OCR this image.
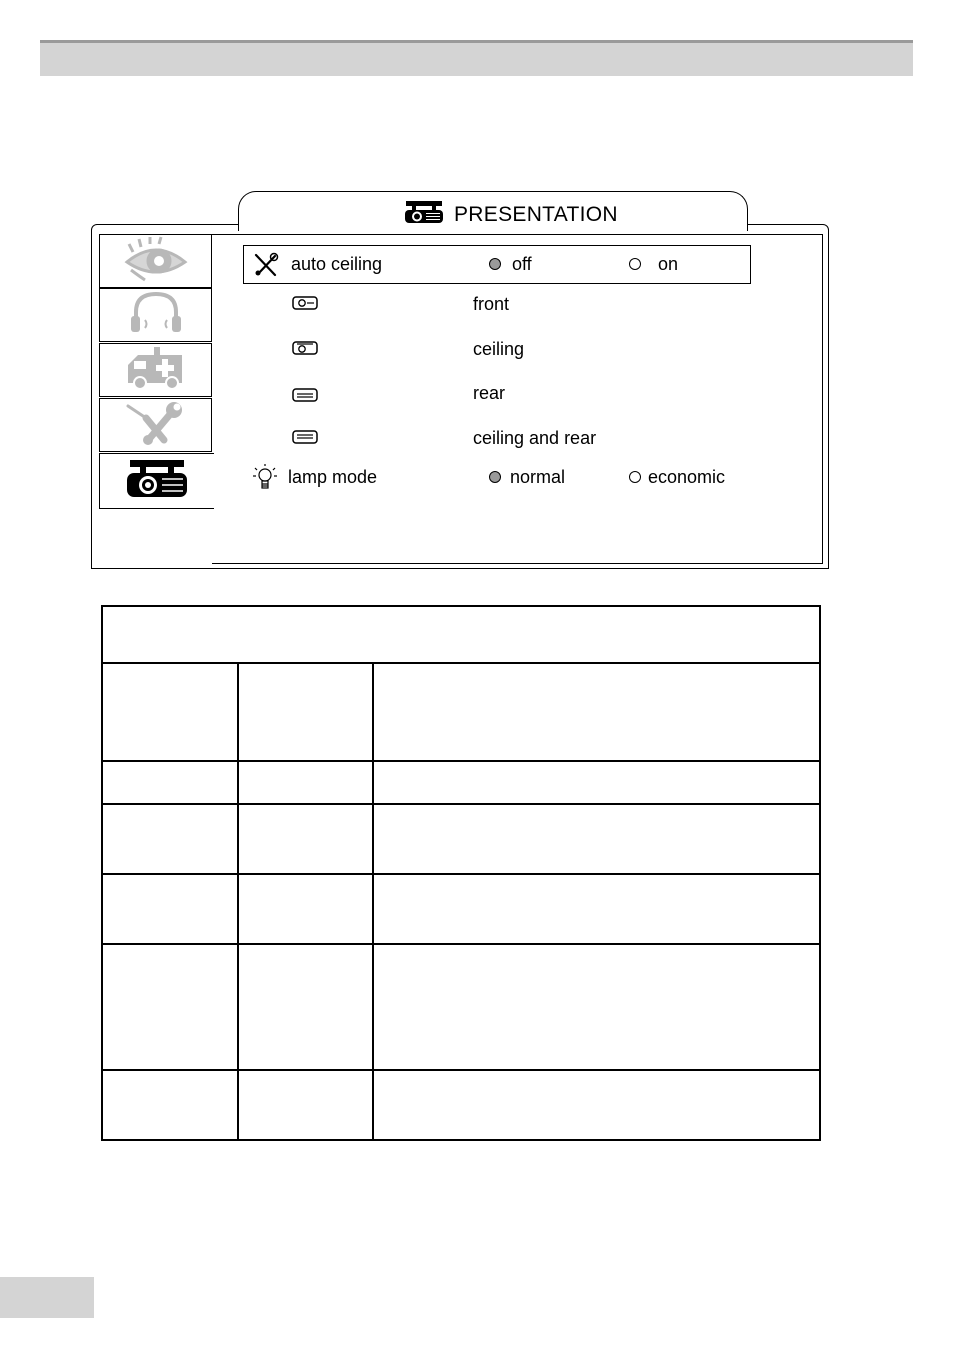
PRESENTATION
auto ceiling	off	on
front
ceiling
rear
ceiling and rear
lamp mode	normal	economic
